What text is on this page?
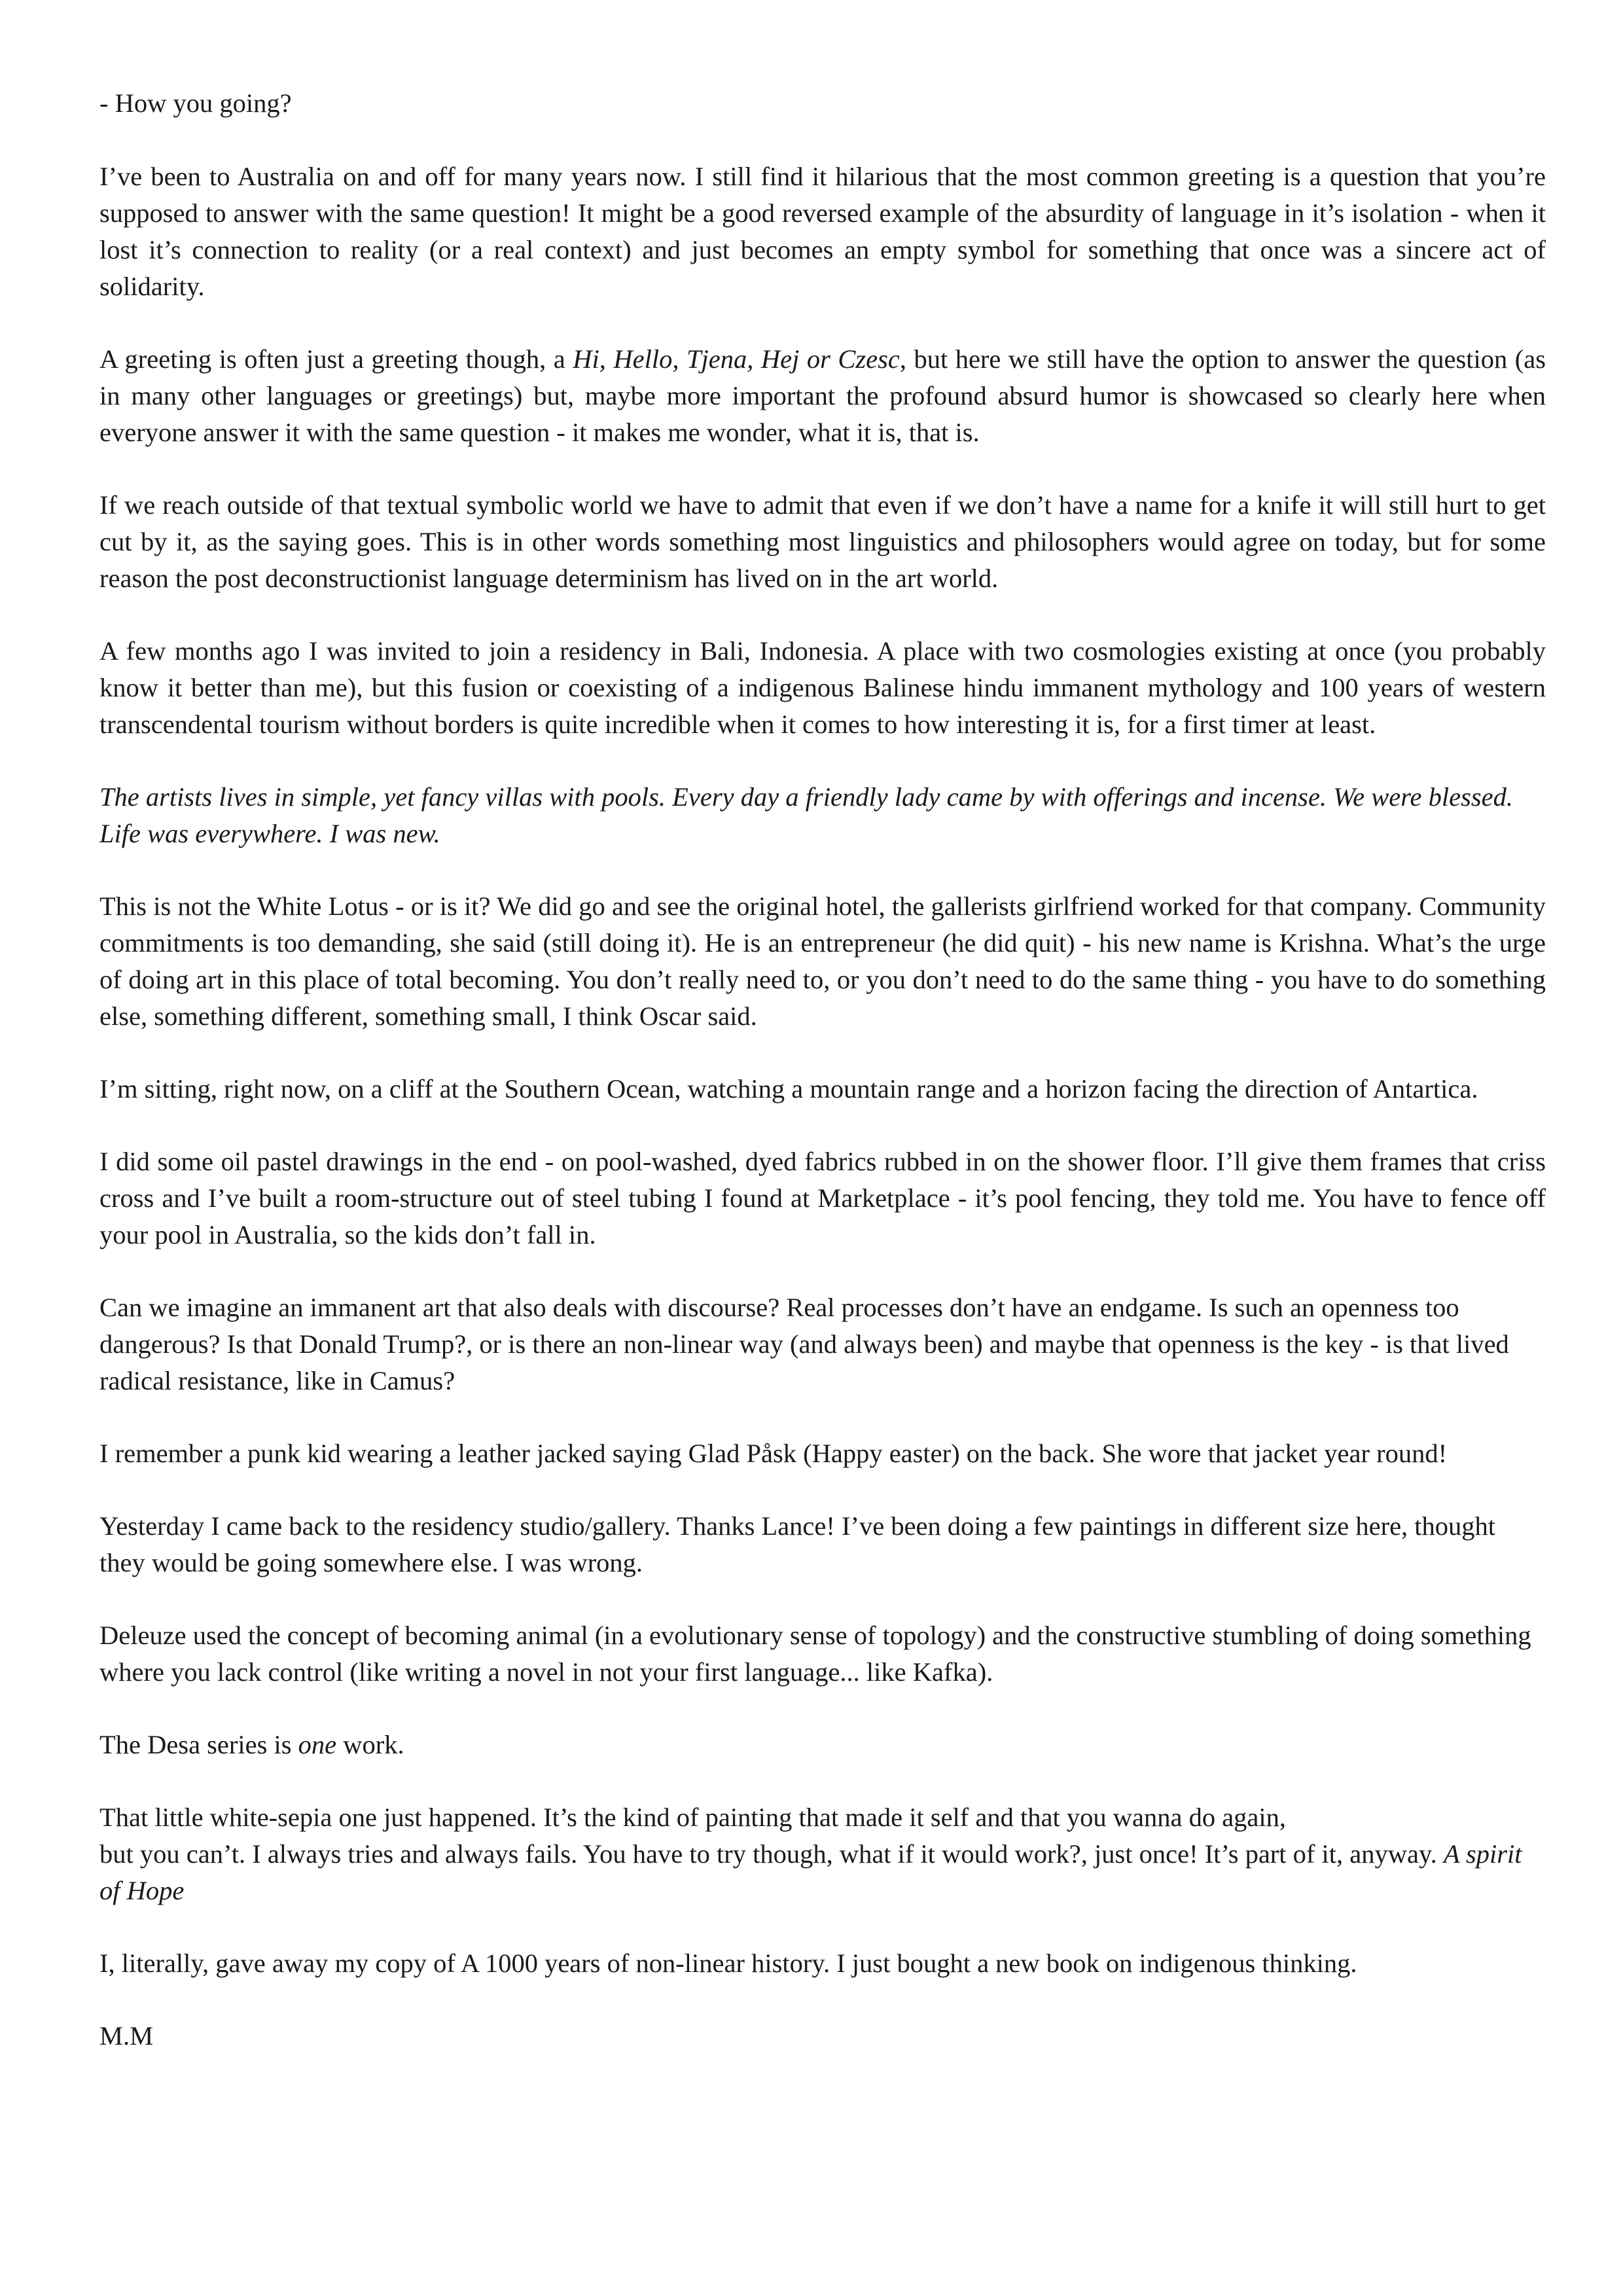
- How you going?

I’ve been to Australia on and off for many years now. I still find it hilarious that the most common greeting is a question that you’re supposed to answer with the same question! It might be a good reversed example of the absurdity of language in it’s isolation - when it lost it’s connection to reality (or a real context) and just becomes an empty symbol for something that once was a sincere act of solidarity.

A greeting is often just a greeting though, a Hi, Hello, Tjena, Hej or Czesc, but here we still have the option to answer the question (as in many other languages or greetings) but, maybe more important the profound absurd humor is showcased so clearly here when everyone answer it with the same question - it makes me wonder, what it is, that is.

If we reach outside of that textual symbolic world we have to admit that even if we don’t have a name for a knife it will still hurt to get cut by it, as the saying goes. This is in other words something most linguistics and philosophers would agree on today, but for some reason the post deconstructionist language determinism has lived on in the art world.

A few months ago I was invited to join a residency in Bali, Indonesia. A place with two cosmologies existing at once (you probably know it better than me), but this fusion or coexisting of a indigenous Balinese hindu immanent mythology and 100 years of western transcendental tourism without borders is quite incredible when it comes to how interesting it is, for a first timer at least.

The artists lives in simple, yet fancy villas with pools. Every day a friendly lady came by with offerings and incense. We were blessed. Life was everywhere. I was new.

This is not the White Lotus - or is it? We did go and see the original hotel, the gallerists girlfriend worked for that company. Community commitments is too demanding, she said (still doing it). He is an entrepreneur (he did quit) - his new name is Krishna. What’s the urge of doing art in this place of total becoming. You don’t really need to, or you don’t need to do the same thing - you have to do something else, something different, something small, I think Oscar said.

I’m sitting, right now, on a cliff at the Southern Ocean, watching a mountain range and a horizon facing the direction of Antartica.

I did some oil pastel drawings in the end - on pool-washed, dyed fabrics rubbed in on the shower floor. I’ll give them frames that criss cross and I’ve built a room-structure out of steel tubing I found at Marketplace - it’s pool fencing, they told me. You have to fence off your pool in Australia, so the kids don’t fall in.

Can we imagine an immanent art that also deals with discourse? Real processes don’t have an endgame. Is such an openness too dangerous? Is that Donald Trump?, or is there an non-linear way (and always been) and maybe that openness is the key - is that lived radical resistance, like in Camus?

I remember a punk kid wearing a leather jacked saying Glad Påsk (Happy easter) on the back. She wore that jacket year round!

Yesterday I came back to the residency studio/gallery. Thanks Lance! I’ve been doing a few paintings in different size here, thought they would be going somewhere else. I was wrong.

Deleuze used the concept of becoming animal (in a evolutionary sense of topology) and the constructive stumbling of doing something where you lack control (like writing a novel in not your first language... like Kafka).

The Desa series is one work.

That little white-sepia one just happened. It’s the kind of painting that made it self and that you wanna do again,
but you can’t. I always tries and always fails. You have to try though, what if it would work?, just once! It’s part of it, anyway. A spirit of Hope

I, literally, gave away my copy of A 1000 years of non-linear history. I just bought a new book on indigenous thinking.

M.M
